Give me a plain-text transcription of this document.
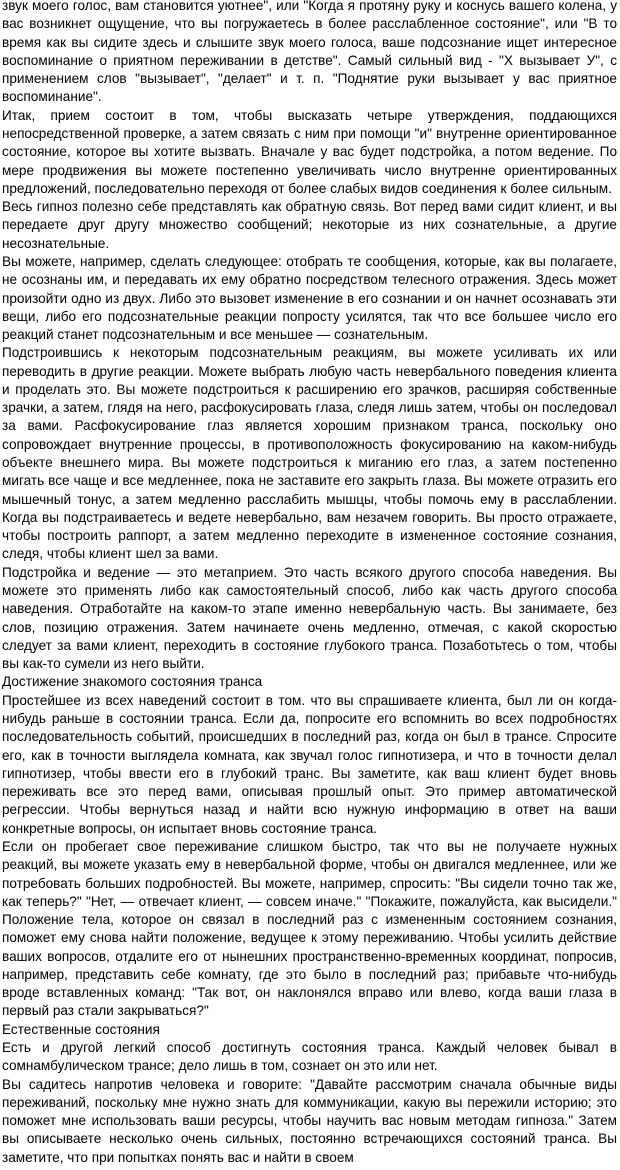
звук моего голос, вам становится уютнее", или "Когда я протяну руку и коснусь вашего колена, у вас возникнет ощущение, что вы погружаетесь в более расслабленное состояние", или "В то время как вы сидите здесь и слышите звук моего голоса, ваше подсознание ищет интересное воспоминание о приятном переживании в детстве". Самый сильный вид - "Х вызывает У", с применением слов "вызывает", "делает" и т. п. "Поднятие руки вызывает у вас приятное воспоминание".

Итак, прием состоит в том, чтобы высказать четыре утверждения, поддающихся непосредственной проверке, а затем связать с ним при помощи "и" внутренне ориентированное состояние, которое вы хотите вызвать. Вначале у вас будет подстройка, а потом ведение. По мере продвижения вы можете постепенно увеличивать число внутренне ориентированных предложений, последовательно переходя от более слабых видов соединения к более сильным.

Весь гипноз полезно себе представлять как обратную связь. Вот перед вами сидит клиент, и вы передаете друг другу множество сообщений; некоторые из них сознательные, а другие несознательные.

Вы можете, например, сделать следующее: отобрать те сообщения, которые, как вы полагаете, не осознаны им, и передавать их ему обратно посредством телесного отражения. Здесь может произойти одно из двух. Либо это вызовет изменение в его сознании и он начнет осознавать эти вещи, либо его подсознательные реакции попросту усилятся, так что все большее число его реакций станет подсознательным и все меньшее — сознательным.

Подстроившись к некоторым подсознательным реакциям, вы можете усиливать их или переводить в другие реакции. Можете выбрать любую часть невербального поведения клиента и проделать это. Вы можете подстроиться к расширению его зрачков, расширяя собственные зрачки, а затем, глядя на него, расфокусировать глаза, следя лишь затем, чтобы он последовал за вами. Расфокусирование глаз является хорошим признаком транса, поскольку оно сопровождает внутренние процессы, в противоположность фокусированию на каком-нибудь объекте внешнего мира. Вы можете подстроиться к миганию его глаз, а затем постепенно мигать все чаще и все медленнее, пока не заставите его закрыть глаза. Вы можете отразить его мышечный тонус, а затем медленно расслабить мышцы, чтобы помочь ему в расслаблении. Когда вы подстраиваетесь и ведете невербально, вам незачем говорить. Вы просто отражаете, чтобы построить раппорт, а затем медленно переходите в измененное состояние сознания, следя, чтобы клиент шел за вами.

Подстройка и ведение — это метаприем. Это часть всякого другого способа наведения. Вы можете это применять либо как самостоятельный способ, либо как часть другого способа наведения. Отработайте на каком-то этапе именно невербальную часть. Вы занимаете, без слов, позицию отражения. Затем начинаете очень медленно, отмечая, с какой скоростью следует за вами клиент, переходить в состояние глубокого транса. Позаботьтесь о том, чтобы вы как-то сумели из него выйти.

Достижение знакомого состояния транса

Простейшее из всех наведений состоит в том. что вы спрашиваете клиента, был ли он когда-нибудь раньше в состоянии транса. Если да, попросите его вспомнить во всех подробностях последовательность событий, происшедших в последний раз, когда он был в трансе. Спросите его, как в точности выглядела комната, как звучал голос гипнотизера, и что в точности делал гипнотизер, чтобы ввести его в глубокий транс. Вы заметите, как ваш клиент будет вновь переживать все это перед вами, описывая прошлый опыт. Это пример автоматической регрессии. Чтобы вернуться назад и найти всю нужную информацию в ответ на ваши конкретные вопросы, он испытает вновь состояние транса.

Если он пробегает свое переживание слишком быстро, так что вы не получаете нужных реакций, вы можете указать ему в невербальной форме, чтобы он двигался медленнее, или же потребовать больших подробностей. Вы можете, например, спросить: "Вы сидели точно так же, как теперь?" "Нет, — отвечает клиент, — совсем иначе." "Покажите, пожалуйста, как высидели." Положение тела, которое он связал в последний раз с измененным состоянием сознания, поможет ему снова найти положение, ведущее к этому переживанию. Чтобы усилить действие ваших вопросов, отдалите его от нынешних пространственно-временных координат, попросив, например, представить себе комнату, где это было в последний раз; прибавьте что-нибудь вроде вставленных команд: "Так вот, он наклонялся вправо или влево, когда ваши глаза в первый раз стали закрываться?"

Естественные состояния

Есть и другой легкий способ достигнуть состояния транса. Каждый человек бывал в сомнамбулическом трансе; дело лишь в том, сознает он это или нет.

Вы садитесь напротив человека и говорите: "Давайте рассмотрим сначала обычные виды переживаний, поскольку мне нужно знать для коммуникации, какую вы пережили историю; это поможет мне использовать ваши ресурсы, чтобы научить вас новым методам гипноза." Затем вы описываете несколько очень сильных, постоянно встречающихся состояний транса. Вы заметите, что при попытках понять вас и найти в своем
